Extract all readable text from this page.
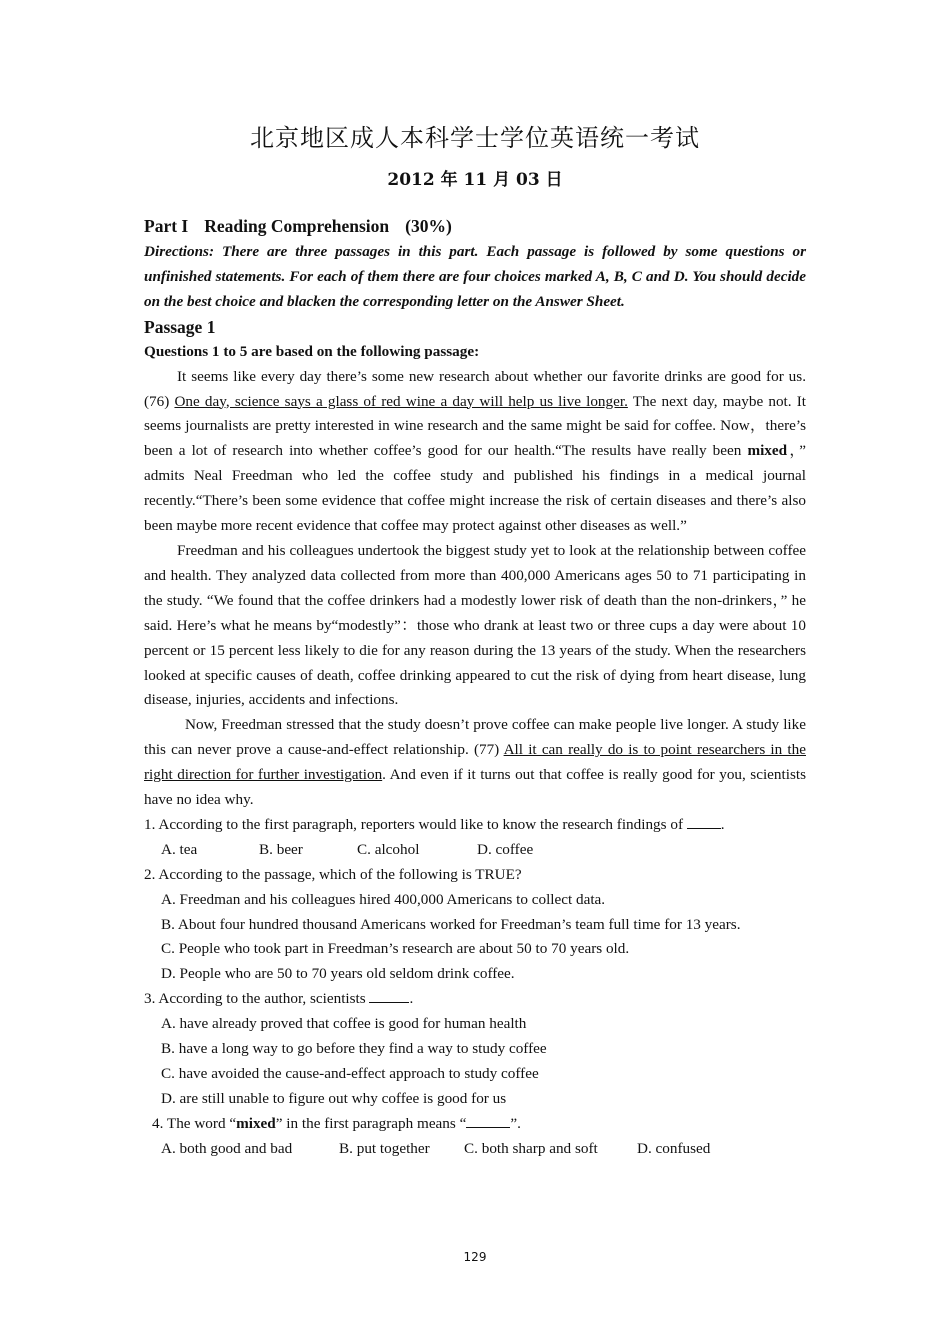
北京地区成人本科学士学位英语统一考试
2012 年 11 月 03 日
Part I Reading Comprehension (30%)
Directions: There are three passages in this part. Each passage is followed by some questions or unfinished statements. For each of them there are four choices marked A, B, C and D. You should decide on the best choice and blacken the corresponding letter on the Answer Sheet.
Passage 1
Questions 1 to 5 are based on the following passage:

It seems like every day there’s some new research about whether our favorite drinks are good for us. (76) One day, science says a glass of red wine a day will help us live longer. The next day, maybe not. It seems journalists are pretty interested in wine research and the same might be said for coffee. Now，there’s been a lot of research into whether coffee’s good for our health.“The results have really been mixed，” admits Neal Freedman who led the coffee study and published his findings in a medical journal recently.“There’s been some evidence that coffee might increase the risk of certain diseases and there’s also been maybe more recent evidence that coffee may protect against other diseases as well.”

Freedman and his colleagues undertook the biggest study yet to look at the relationship between coffee and health. They analyzed data collected from more than 400,000 Americans ages 50 to 71 participating in the study. “We found that the coffee drinkers had a modestly lower risk of death than the non-drinkers，” he said. Here’s what he means by“modestly”：those who drank at least two or three cups a day were about 10 percent or 15 percent less likely to die for any reason during the 13 years of the study. When the researchers looked at specific causes of death, coffee drinking appeared to cut the risk of dying from heart disease, lung disease, injuries, accidents and infections.

Now, Freedman stressed that the study doesn’t prove coffee can make people live longer. A study like this can never prove a cause-and-effect relationship. (77) All it can really do is to point researchers in the right direction for further investigation. And even if it turns out that coffee is really good for you, scientists have no idea why.

1. According to the first paragraph, reporters would like to know the research findings of .
A. tea	B. beer	C. alcohol	D. coffee
2. According to the passage, which of the following is TRUE?
A. Freedman and his colleagues hired 400,000 Americans to collect data.
B. About four hundred thousand Americans worked for Freedman’s team full time for 13 years.
C. People who took part in Freedman’s research are about 50 to 70 years old.
D. People who are 50 to 70 years old seldom drink coffee.
3. According to the author, scientists	.
A. have already proved that coffee is good for human health
B. have a long way to go before they find a way to study coffee
C. have avoided the cause-and-effect approach to study coffee
D. are still unable to figure out why coffee is good for us
4. The word “mixed” in the first paragraph means “	”.
A. both good and bad	B. put together C. both sharp and soft	D. confused
129
